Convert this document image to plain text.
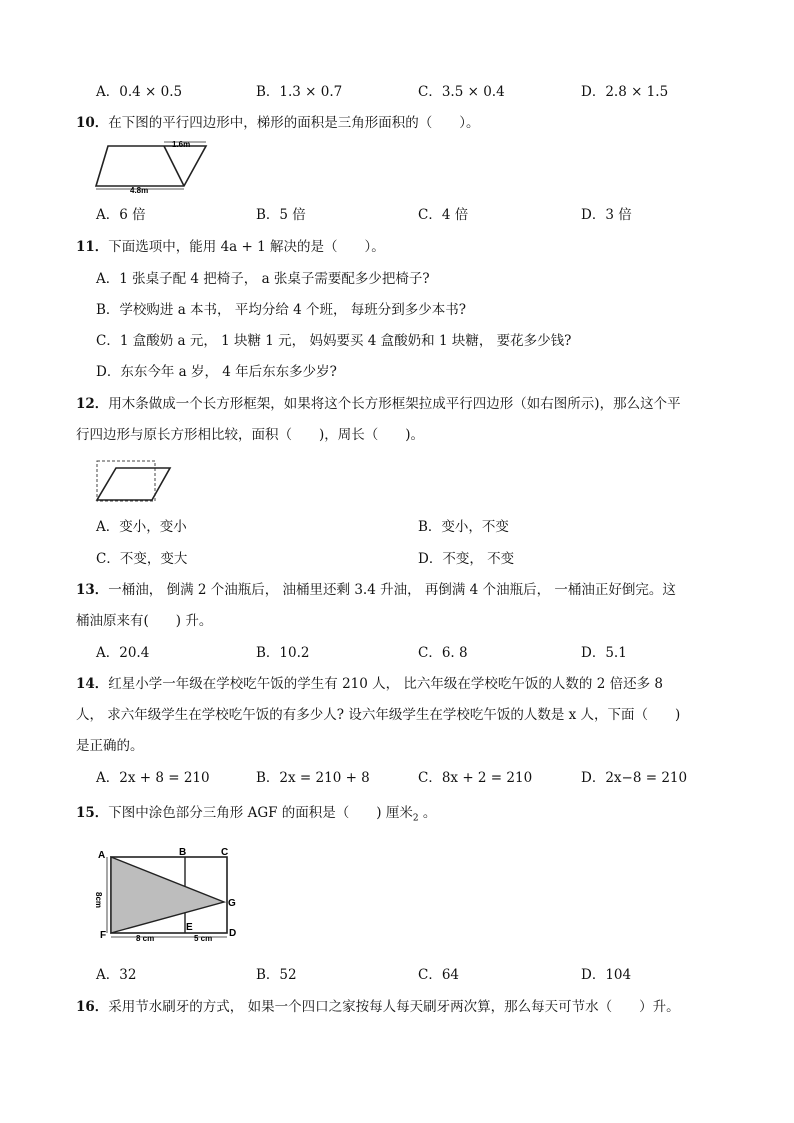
A．0.4 × 0.5	B．1.3 × 0.7	C．3.5 × 0.4	D．2.8 × 1.5
10．在下图的平行四边形中，梯形的面积是三角形面积的（　　）。
1.6m
4.8m
A．6 倍	B．5 倍	C．4 倍	D．3 倍
11．下面选项中，能用 4a + 1 解决的是（　　）。
A．1 张桌子配 4 把椅子， a 张桌子需要配多少把椅子?
B．学校购进 a 本书， 平均分给 4 个班， 每班分到多少本书?
C．1 盒酸奶 a 元， 1 块糖 1 元， 妈妈要买 4 盒酸奶和 1 块糖， 要花多少钱?
D．东东今年 a 岁， 4 年后东东多少岁?
12．用木条做成一个长方形框架，如果将这个长方形框架拉成平行四边形（如右图所示)，那么这个平
行四边形与原长方形相比较，面积（　　)，周长（　　)。
A．变小，变小	B．变小，不变
C．不变，变大	D．不变， 不变
13．一桶油， 倒满 2 个油瓶后， 油桶里还剩 3.4 升油， 再倒满 4 个油瓶后， 一桶油正好倒完。这
桶油原来有(　　) 升。
A．20.4	B．10.2	C．6. 8	D．5.1
14．红星小学一年级在学校吃午饭的学生有 210 人， 比六年级在学校吃午饭的人数的 2 倍还多 8
人， 求六年级学生在学校吃午饭的有多少人? 设六年级学生在学校吃午饭的人数是 x 人，下面（　　)
是正确的。
A．2x + 8 = 210	B．2x = 210 + 8	C．8x + 2 = 210	D．2x−8 = 210
15．下图中涂色部分三角形 AGF 的面积是（　　) 厘米$_2$ 。
8cm
8 cm	5 cm
A	B	C
D
E
F
G
A．32	B．52	C．64	D．104
16．采用节水刷牙的方式， 如果一个四口之家按每人每天刷牙两次算，那么每天可节水（　　）升。
